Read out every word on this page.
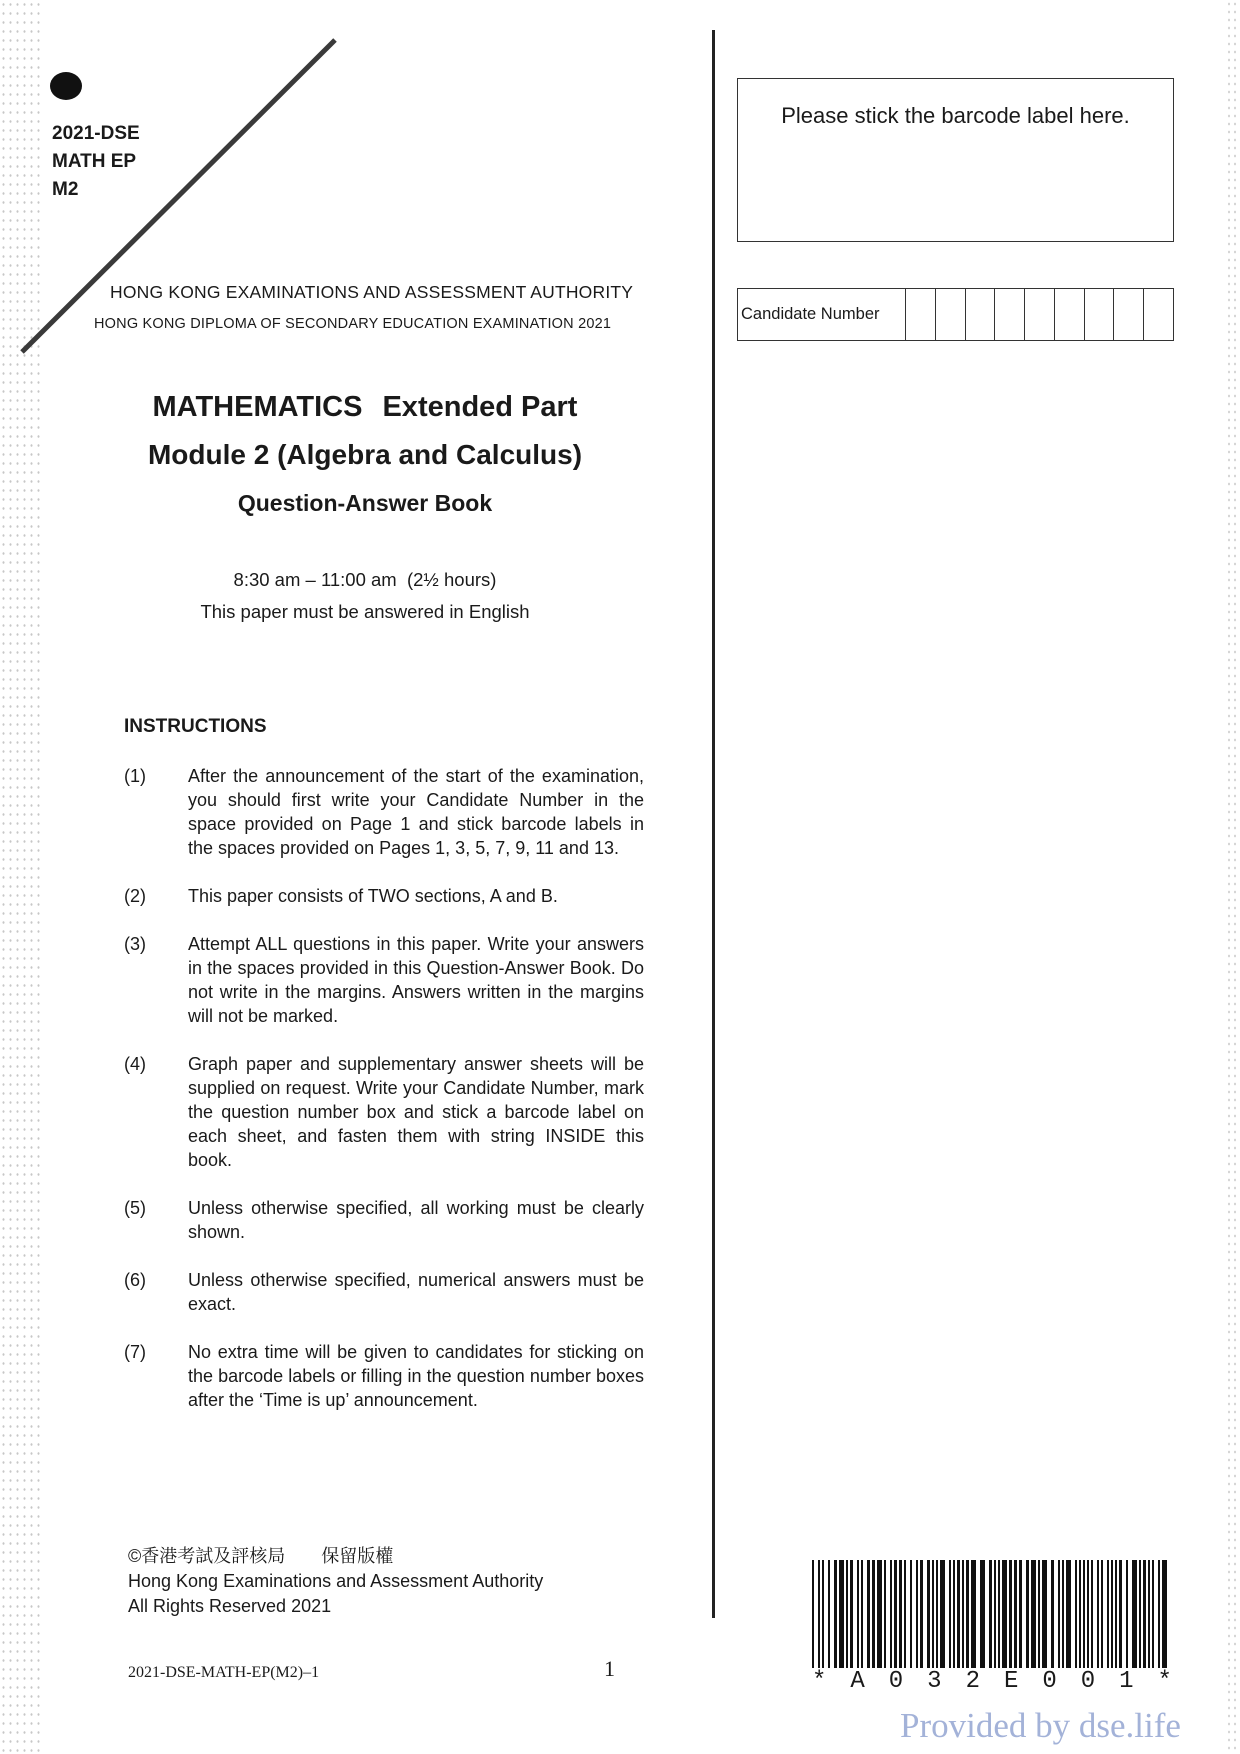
2021-DSE
MATH EP
M2
HONG KONG EXAMINATIONS AND ASSESSMENT AUTHORITY
HONG KONG DIPLOMA OF SECONDARY EDUCATION EXAMINATION 2021
MATHEMATICS Extended Part
Module 2 (Algebra and Calculus)
Question-Answer Book
8:30 am – 11:00 am  (2½ hours)
This paper must be answered in English
INSTRUCTIONS
(1)	After the announcement of the start of the examination, you should first write your Candidate Number in the space provided on Page 1 and stick barcode labels in the spaces provided on Pages 1, 3, 5, 7, 9, 11 and 13.
(2)	This paper consists of TWO sections, A and B.
(3)	Attempt ALL questions in this paper. Write your answers in the spaces provided in this Question-Answer Book. Do not write in the margins. Answers written in the margins will not be marked.
(4)	Graph paper and supplementary answer sheets will be supplied on request. Write your Candidate Number, mark the question number box and stick a barcode label on each sheet, and fasten them with string INSIDE this book.
(5)	Unless otherwise specified, all working must be clearly shown.
(6)	Unless otherwise specified, numerical answers must be exact.
(7)	No extra time will be given to candidates for sticking on the barcode labels or filling in the question number boxes after the ‘Time is up’ announcement.
©香港考試及評核局　　保留版權
Hong Kong Examinations and Assessment Authority
All Rights Reserved 2021
2021-DSE-MATH-EP(M2)–1	1
Please stick the barcode label here.
Candidate Number
* A 0 3 2 E 0 0 1 *
Provided by dse.life
